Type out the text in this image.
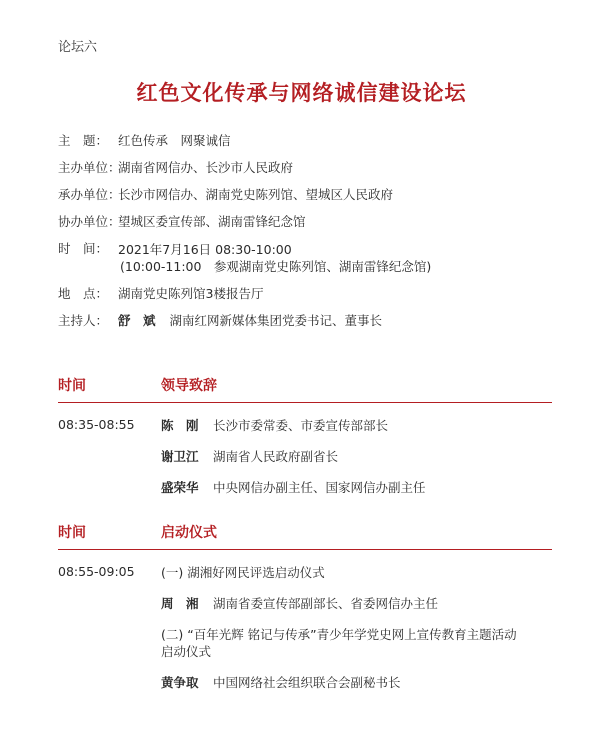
论坛六
红色文化传承与网络诚信建设论坛
主　题： 红色传承　网聚诚信
主办单位：
湖南省网信办、长沙市人民政府
承办单位：
长沙市网信办、湖南党史陈列馆、望城区人民政府
协办单位：
望城区委宣传部、湖南雷锋纪念馆
时　间： 2021年7月16日 08:30-10:00
(10:00-11:00　参观湖南党史陈列馆、湖南雷锋纪念馆)
地　点： 湖南党史陈列馆3楼报告厅
主持人： 舒　斌 湖南红网新媒体集团党委书记、董事长
时间	领导致辞
08:35-08:55	陈　刚 长沙市委常委、市委宣传部部长
谢卫江 湖南省人民政府副省长
盛荣华 中央网信办副主任、国家网信办副主任
时间	启动仪式
08:55-09:05	(一) 湖湘好网民评选启动仪式
周　湘 湖南省委宣传部副部长、省委网信办主任
(二) “百年光辉 铭记与传承”青少年学党史网上宣传教育主题活动
启动仪式
黄争取 中国网络社会组织联合会副秘书长
